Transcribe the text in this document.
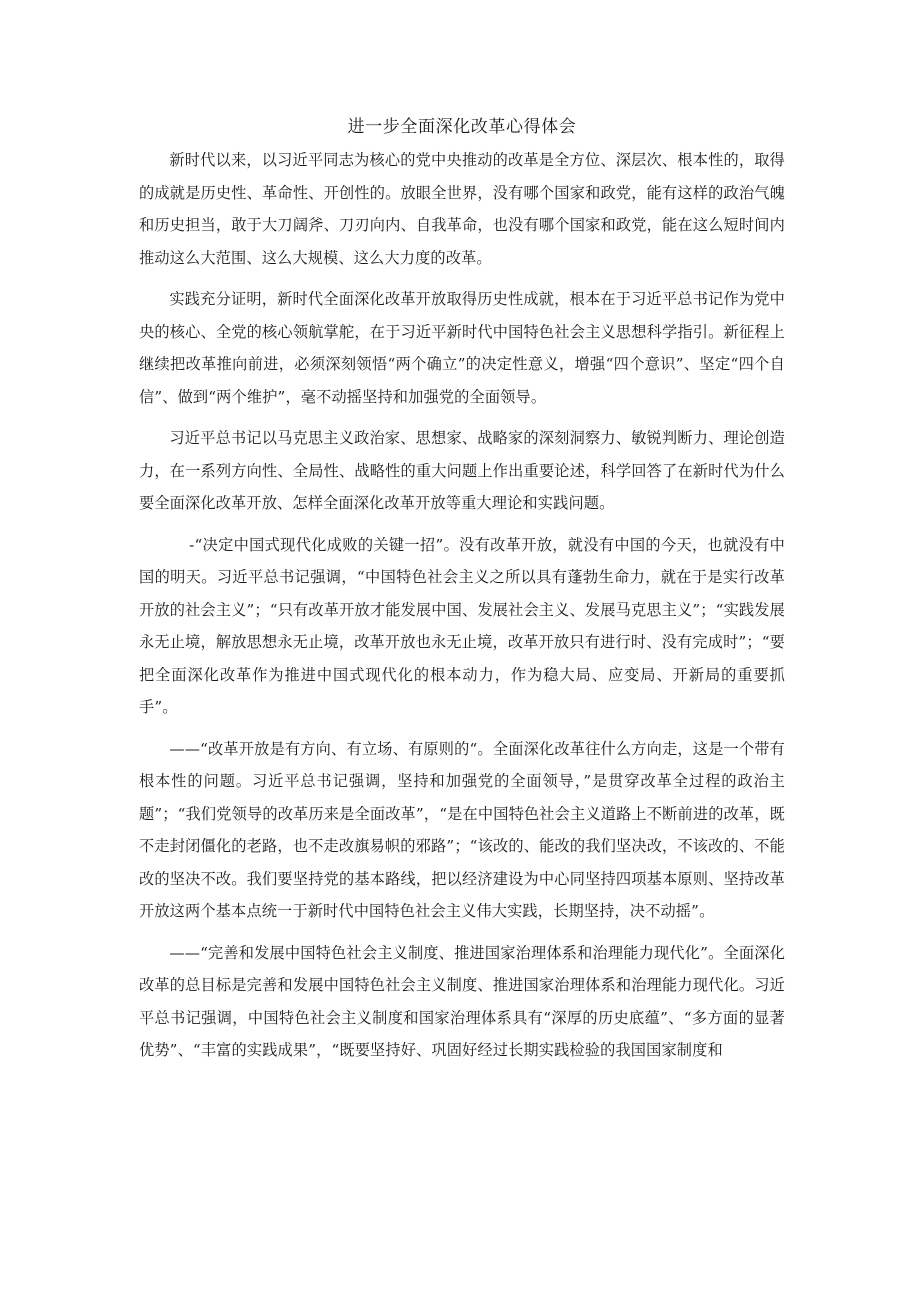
进一步全面深化改革心得体会

新时代以来，以习近平同志为核心的党中央推动的改革是全方位、深层次、根本性的，取得的成就是历史性、革命性、开创性的。放眼全世界，没有哪个国家和政党，能有这样的政治气魄和历史担当，敢于大刀阔斧、刀刃向内、自我革命，也没有哪个国家和政党，能在这么短时间内推动这么大范围、这么大规模、这么大力度的改革。

实践充分证明，新时代全面深化改革开放取得历史性成就，根本在于习近平总书记作为党中央的核心、全党的核心领航掌舵，在于习近平新时代中国特色社会主义思想科学指引。新征程上继续把改革推向前进，必须深刻领悟“两个确立”的决定性意义，增强“四个意识”、坚定“四个自信”、做到“两个维护”，毫不动摇坚持和加强党的全面领导。

习近平总书记以马克思主义政治家、思想家、战略家的深刻洞察力、敏锐判断力、理论创造力，在一系列方向性、全局性、战略性的重大问题上作出重要论述，科学回答了在新时代为什么要全面深化改革开放、怎样全面深化改革开放等重大理论和实践问题。

-“决定中国式现代化成败的关键一招”。没有改革开放，就没有中国的今天，也就没有中国的明天。习近平总书记强调，“中国特色社会主义之所以具有蓬勃生命力，就在于是实行改革开放的社会主义”；“只有改革开放才能发展中国、发展社会主义、发展马克思主义”；“实践发展永无止境，解放思想永无止境，改革开放也永无止境，改革开放只有进行时、没有完成时”；“要把全面深化改革作为推进中国式现代化的根本动力，作为稳大局、应变局、开新局的重要抓手”。

——“改革开放是有方向、有立场、有原则的“。全面深化改革往什么方向走，这是一个带有根本性的问题。习近平总书记强调，坚持和加强党的全面领导，”是贯穿改革全过程的政治主题”；“我们党领导的改革历来是全面改革”，“是在中国特色社会主义道路上不断前进的改革，既不走封闭僵化的老路，也不走改旗易帜的邪路”；“该改的、能改的我们坚决改，不该改的、不能改的坚决不改。我们要坚持党的基本路线，把以经济建设为中心同坚持四项基本原则、坚持改革开放这两个基本点统一于新时代中国特色社会主义伟大实践，长期坚持，决不动摇”。

——“完善和发展中国特色社会主义制度、推进国家治理体系和治理能力现代化”。全面深化改革的总目标是完善和发展中国特色社会主义制度、推进国家治理体系和治理能力现代化。习近平总书记强调，中国特色社会主义制度和国家治理体系具有“深厚的历史底蕴”、“多方面的显著优势”、“丰富的实践成果”，“既要坚持好、巩固好经过长期实践检验的我国国家制度和
